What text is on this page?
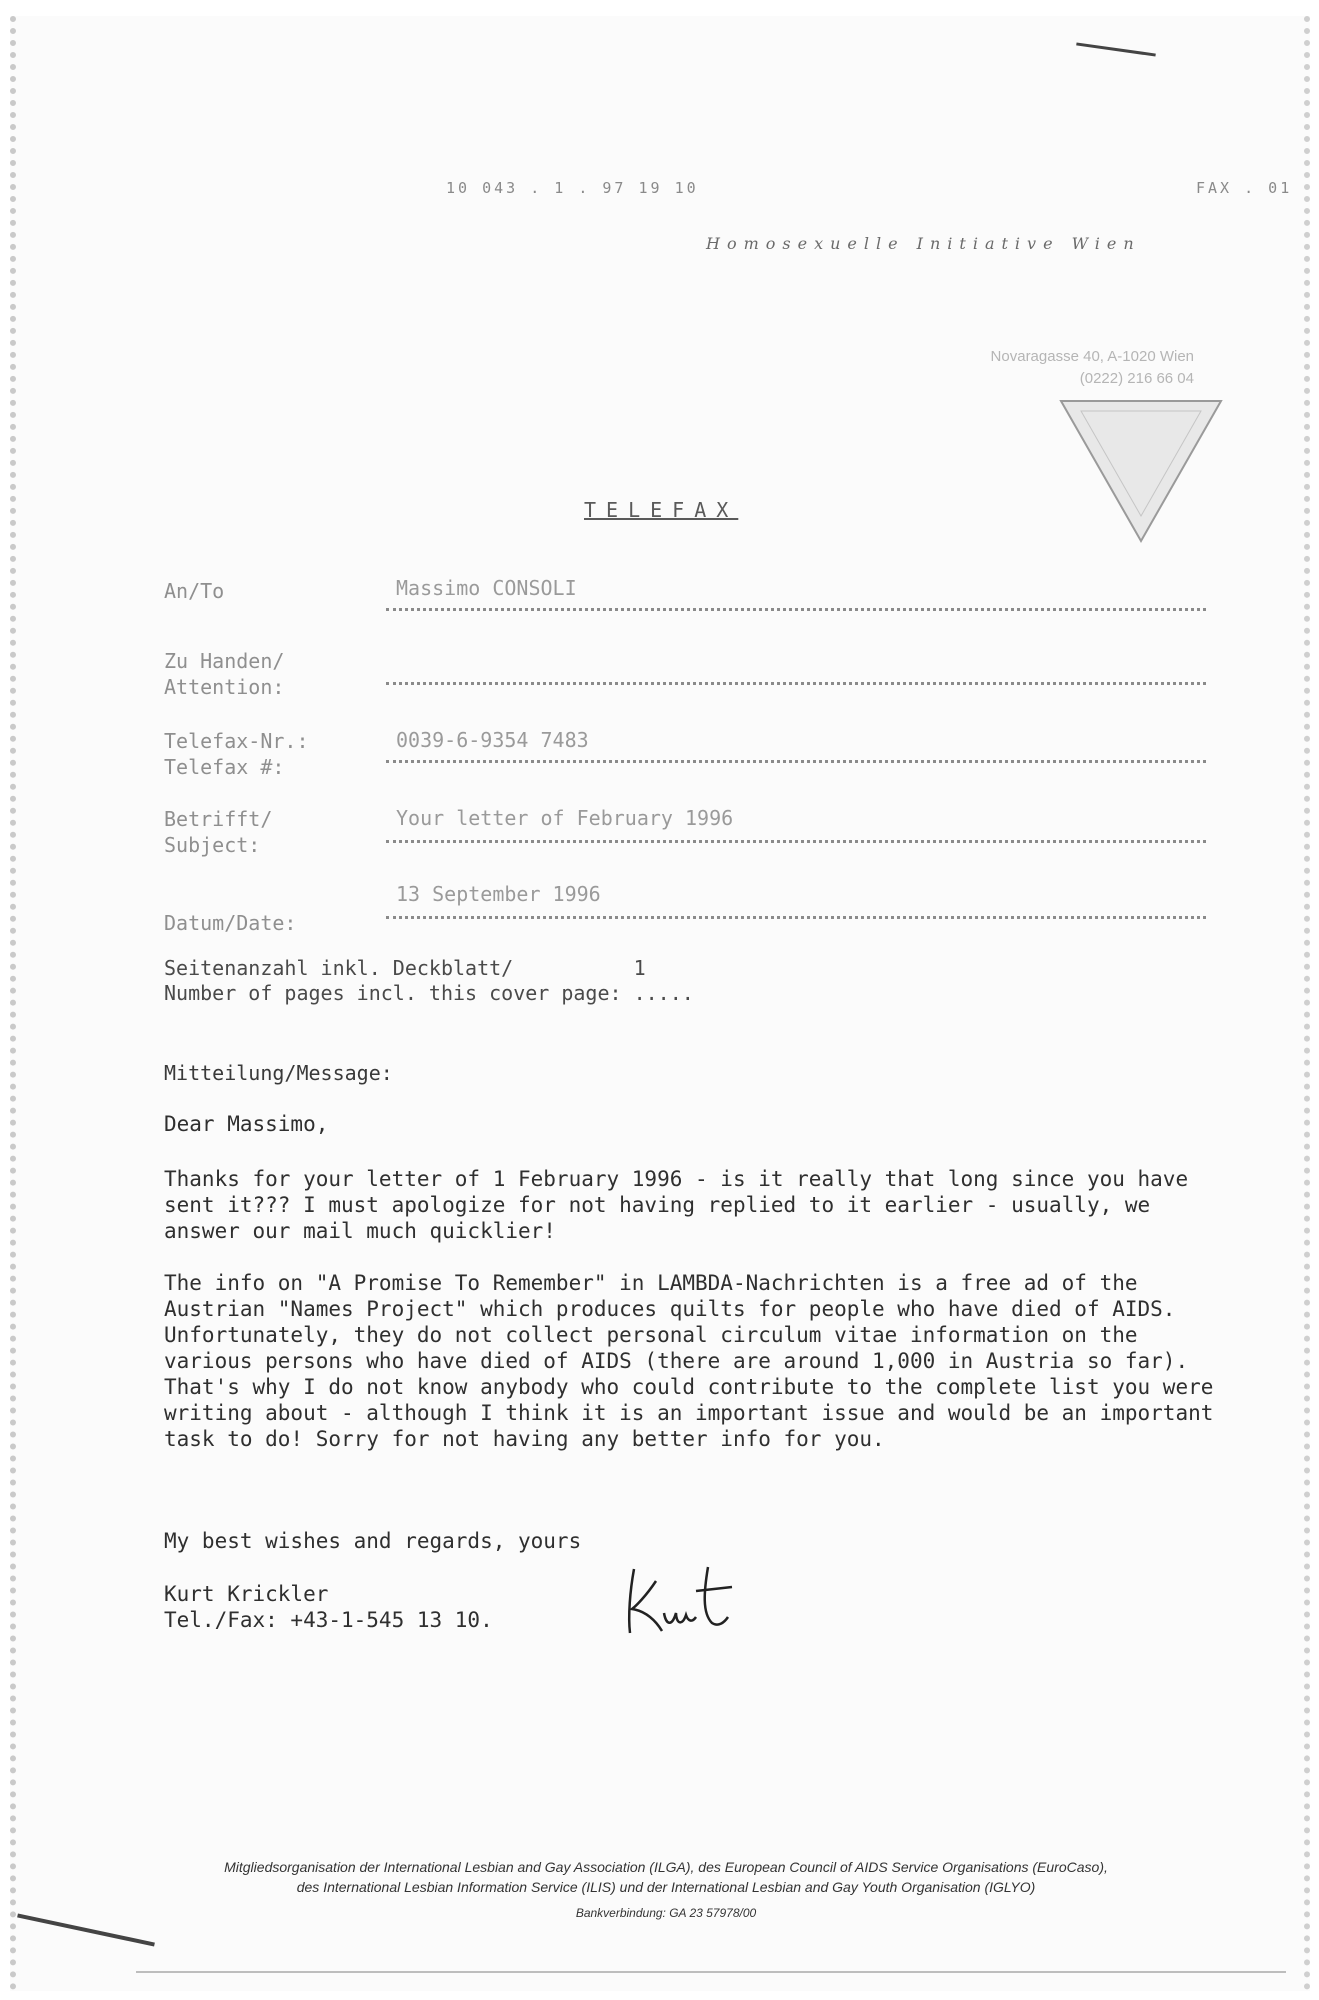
10 043 . 1 . 97 19 10	FAX . 01
Homosexuelle Initiative Wien
Novaragasse 40, A-1020 Wien
(0222) 216 66 04
TELEFAX
An/To	Massimo CONSOLI
Zu Handen/
Attention:
Telefax-Nr.:
Telefax #:
0039-6-9354 7483
Betrifft/
Subject:
Your letter of February 1996
13 September 1996
Datum/Date:
Seitenanzahl inkl. Deckblatt/          1
Number of pages incl. this cover page: .....
Mitteilung/Message:
Dear Massimo,
Thanks for your letter of 1 February 1996 - is it really that long since you have sent it??? I must apologize for not having replied to it earlier - usually, we answer our mail much quicklier!
The info on "A Promise To Remember" in LAMBDA-Nachrichten is a free ad of the Austrian "Names Project" which produces quilts for people who have died of AIDS. Unfortunately, they do not collect personal circulum vitae information on the various persons who have died of AIDS (there are around 1,000 in Austria so far). That's why I do not know anybody who could contribute to the complete list you were writing about - although I think it is an important issue and would be an important task to do! Sorry for not having any better info for you.
My best wishes and regards, yours
Kurt Krickler
Tel./Fax: +43-1-545 13 10.
Mitgliedsorganisation der International Lesbian and Gay Association (ILGA), des European Council of AIDS Service Organisations (EuroCaso),
des International Lesbian Information Service (ILIS) und der International Lesbian and Gay Youth Organisation (IGLYO)
Bankverbindung: GA 23 57978/00
